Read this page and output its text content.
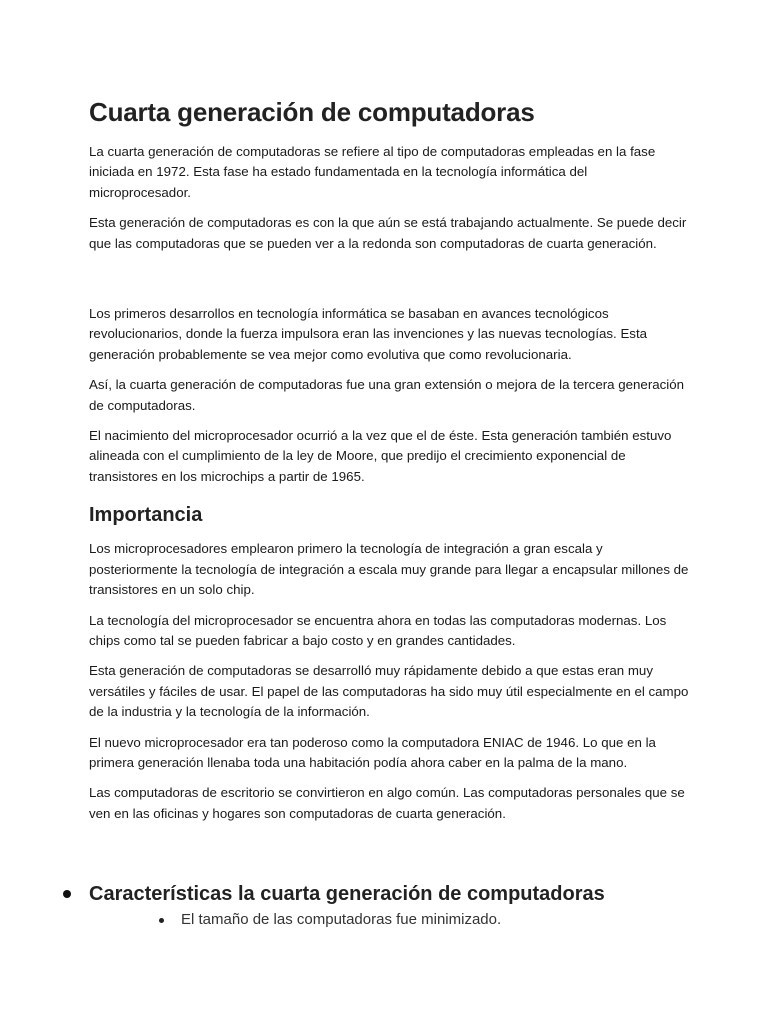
Cuarta generación de computadoras

La cuarta generación de computadoras se refiere al tipo de computadoras empleadas en la fase iniciada en 1972. Esta fase ha estado fundamentada en la tecnología informática del microprocesador.

Esta generación de computadoras es con la que aún se está trabajando actualmente. Se puede decir que las computadoras que se pueden ver a la redonda son computadoras de cuarta generación.

Los primeros desarrollos en tecnología informática se basaban en avances tecnológicos revolucionarios, donde la fuerza impulsora eran las invenciones y las nuevas tecnologías. Esta generación probablemente se vea mejor como evolutiva que como revolucionaria.

Así, la cuarta generación de computadoras fue una gran extensión o mejora de la tercera generación de computadoras.

El nacimiento del microprocesador ocurrió a la vez que el de éste. Esta generación también estuvo alineada con el cumplimiento de la ley de Moore, que predijo el crecimiento exponencial de transistores en los microchips a partir de 1965.

Importancia

Los microprocesadores emplearon primero la tecnología de integración a gran escala y posteriormente la tecnología de integración a escala muy grande para llegar a encapsular millones de transistores en un solo chip.

La tecnología del microprocesador se encuentra ahora en todas las computadoras modernas. Los chips como tal se pueden fabricar a bajo costo y en grandes cantidades.

Esta generación de computadoras se desarrolló muy rápidamente debido a que estas eran muy versátiles y fáciles de usar. El papel de las computadoras ha sido muy útil especialmente en el campo de la industria y la tecnología de la información.

El nuevo microprocesador era tan poderoso como la computadora ENIAC de 1946. Lo que en la primera generación llenaba toda una habitación podía ahora caber en la palma de la mano.

Las computadoras de escritorio se convirtieron en algo común. Las computadoras personales que se ven en las oficinas y hogares son computadoras de cuarta generación.

Características la cuarta generación de computadoras
El tamaño de las computadoras fue minimizado.
